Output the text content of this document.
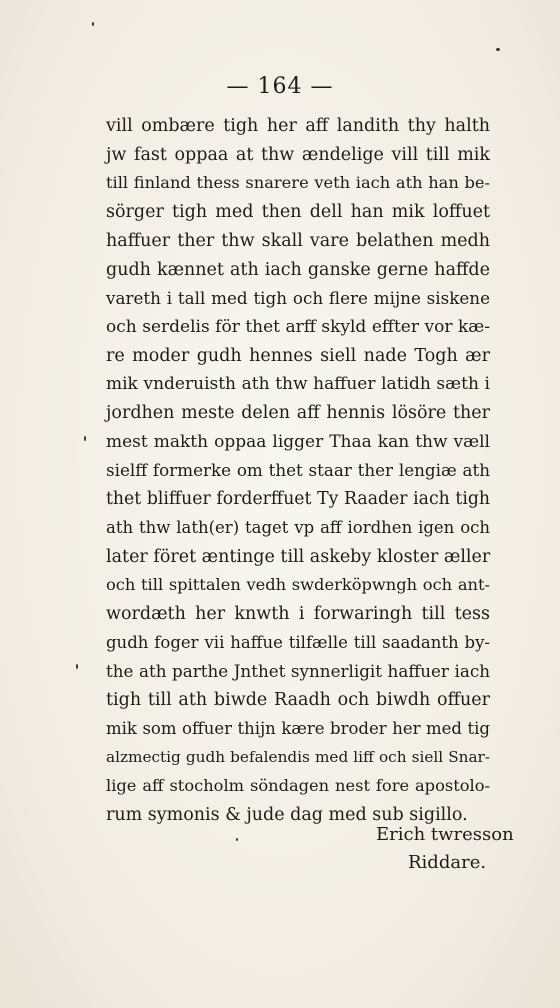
— 164 —
vill ombære tigh her aff landith thy halth
jw fast oppaa at thw ændelige vill till mik
till finland thess snarere veth iach ath han be-
sörger tigh med then dell han mik loffuet
haffuer ther thw skall vare belathen medh
gudh kænnet ath iach ganske gerne haffde
vareth i tall med tigh och flere mijne siskene
och serdelis för thet arff skyld effter vor kæ-
re moder gudh hennes siell nade Togh ær
mik vnderuisth ath thw haffuer latidh sæth i
jordhen meste delen aff hennis lösöre ther
mest makth oppaa ligger Thaa kan thw væll
sielff formerke om thet staar ther lengiæ ath
thet bliffuer forderffuet Ty Raader iach tigh
ath thw lath(er) taget vp aff iordhen igen och
later föret æntinge till askeby kloster æller
och till spittalen vedh swderköpwngh och ant-
wordæth her knwth i forwaringh till tess
gudh foger vii haffue tilfælle till saadanth by-
the ath parthe Jnthet synnerligit haffuer iach
tigh till ath biwde Raadh och biwdh offuer
mik som offuer thijn kære broder her med tig
alzmectig gudh befalendis med liff och siell Snar-
lige aff stocholm söndagen nest fore apostolo-
rum symonis & jude dag med sub sigillo.
Erich twresson
Riddare.
